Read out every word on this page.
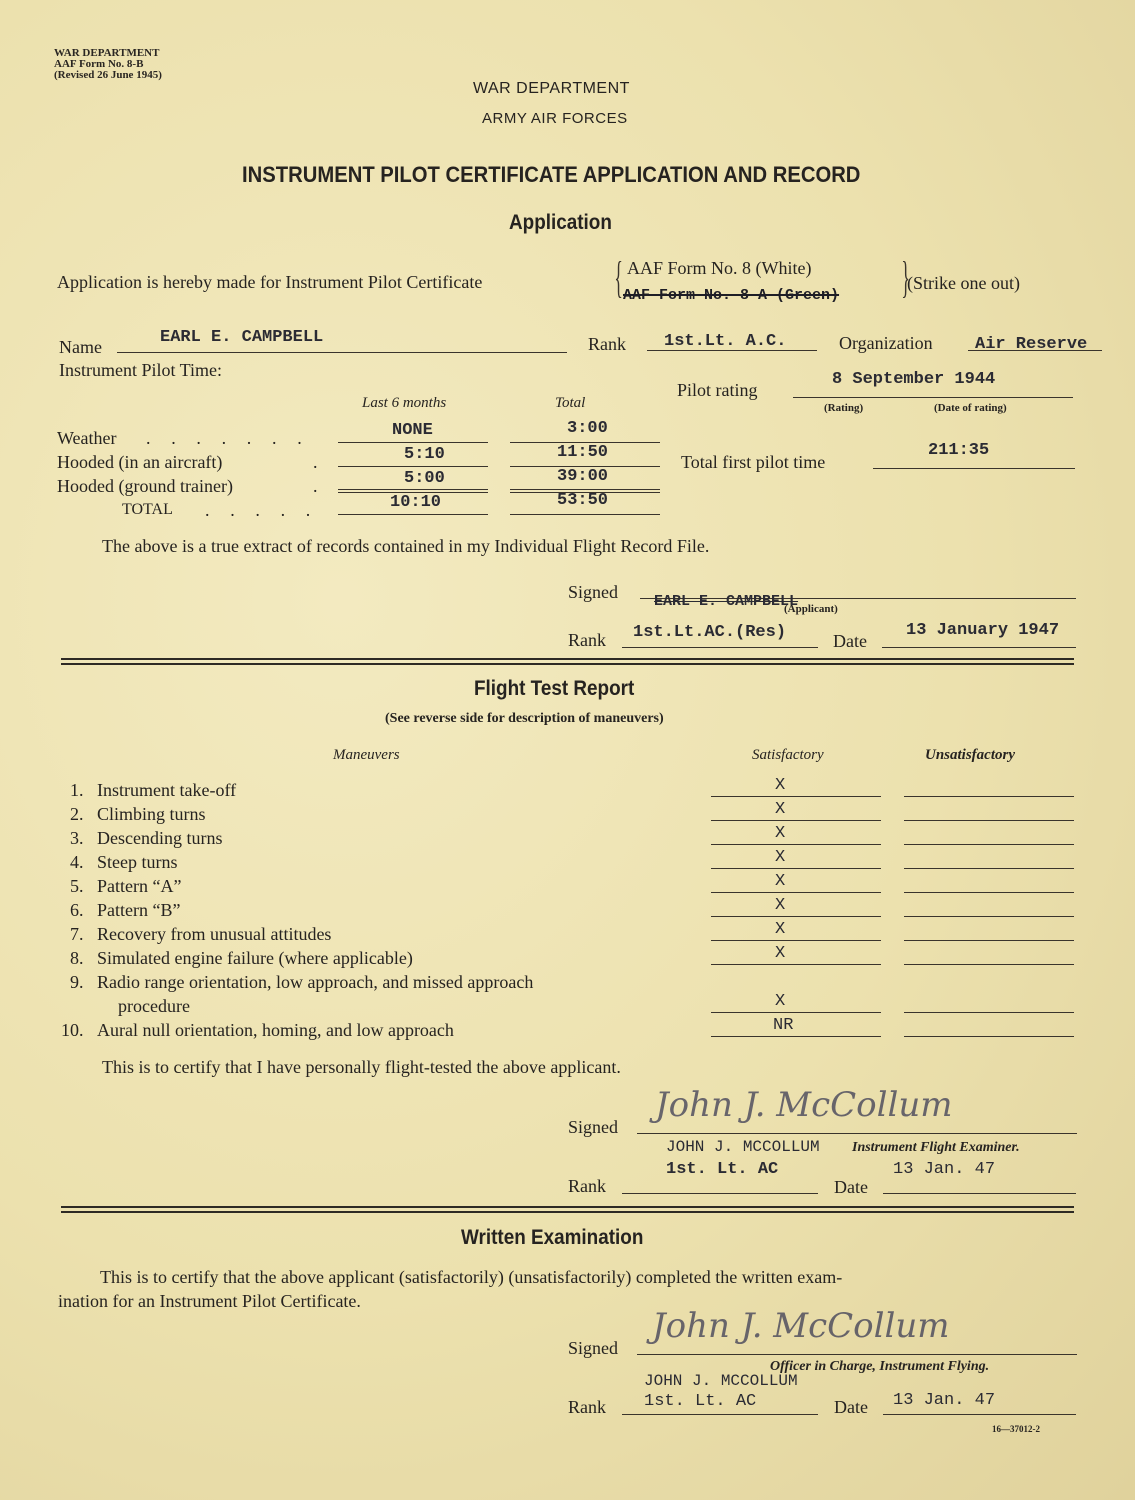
WAR DEPARTMENT
AAF Form No. 8-B
(Revised 26 June 1945)
WAR DEPARTMENT
ARMY AIR FORCES
INSTRUMENT PILOT CERTIFICATE APPLICATION AND RECORD
Application
Application is hereby made for Instrument Pilot Certificate	{ AAF Form No. 8 (White)
AAF Form No. 8-A (Green) }
(Strike one out)
Name	EARL E. CAMPBELL	Rank 1st.Lt. A.C.	Organization Air Reserve
Instrument Pilot Time:
Last 6 months	Total
Weather . . . . . . .	NONE	3:00
Hooded (in an aircraft)	.	5:10	11:50
Hooded (ground trainer)	.	5:00	39:00
TOTAL . . . . .	10:10	53:50
Pilot rating
8 September 1944
(Rating)	(Date of rating)
Total first pilot time
211:35
The above is a true extract of records contained in my Individual Flight Record File.
Signed EARL E. CAMPBELL
(Applicant)
Rank 1st.Lt.AC.(Res)	Date
13 January 1947
Flight Test Report
(See reverse side for description of maneuvers)
Maneuvers	Satisfactory	Unsatisfactory
1. Instrument take-off	X
2. Climbing turns	X
3. Descending turns	X
4. Steep turns	X
5. Pattern “A”	X
6. Pattern “B”	X
7. Recovery from unusual attitudes	X
8. Simulated engine failure (where applicable)	X
9. Radio range orientation, low approach, and missed approach
procedure	X
10. Aural null orientation, homing, and low approach	NR
This is to certify that I have personally flight-tested the above applicant.
Signed
John J. McCollum
JOHN J. MCCOLLUM Instrument Flight Examiner.
Rank
1st. Lt. AC
Date
13 Jan. 47
Written Examination
This is to certify that the above applicant (satisfactorily) (unsatisfactorily) completed the written exam-
ination for an Instrument Pilot Certificate.
Signed
John J. McCollum
JOHN J. MCCOLLUM
Officer in Charge, Instrument Flying.
Rank 1st. Lt. AC	Date 13 Jan. 47
16—37012-2
